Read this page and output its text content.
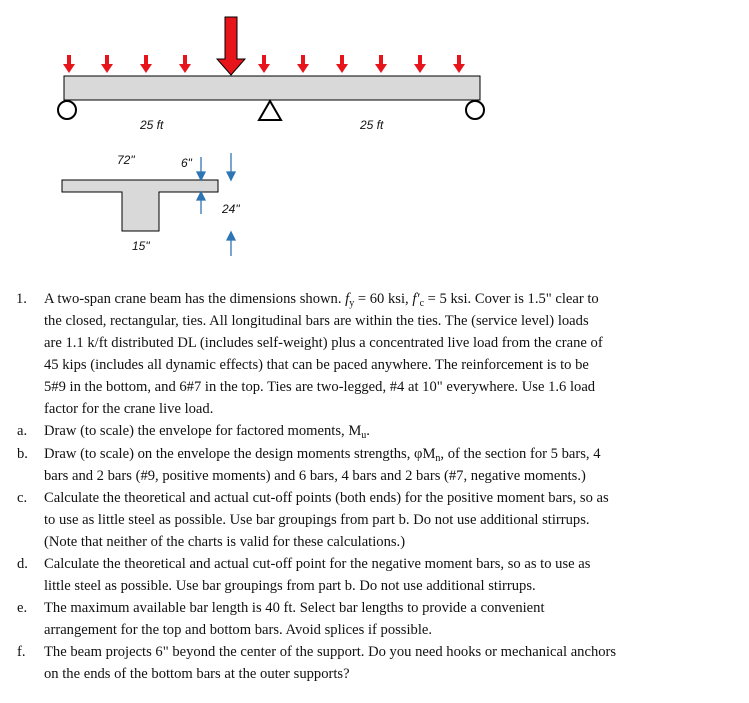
25 ft	25 ft
72"	6"
24"
15"
1. A two-span crane beam has the dimensions shown. $f_y = 60$ ksi, $f'_c = 5$ ksi. Cover is 1.5" clear to
the closed, rectangular, ties. All longitudinal bars are within the ties. The (service level) loads
are 1.1 k/ft distributed DL (includes self-weight) plus a concentrated live load from the crane of
45 kips (includes all dynamic effects) that can be paced anywhere. The reinforcement is to be
5#9 in the bottom, and 6#7 in the top. Ties are two-legged, #4 at 10" everywhere. Use 1.6 load
factor for the crane live load.
a. Draw (to scale) the envelope for factored moments, $M_u$.
b. Draw (to scale) on the envelope the design moments strengths, $\varphi M_n$, of the section for 5 bars, 4
bars and 2 bars (#9, positive moments) and 6 bars, 4 bars and 2 bars (#7, negative moments.)
c. Calculate the theoretical and actual cut-off points (both ends) for the positive moment bars, so as
to use as little steel as possible. Use bar groupings from part b. Do not use additional stirrups.
(Note that neither of the charts is valid for these calculations.)
d. Calculate the theoretical and actual cut-off point for the negative moment bars, so as to use as
little steel as possible. Use bar groupings from part b. Do not use additional stirrups.
e. The maximum available bar length is 40 ft. Select bar lengths to provide a convenient
arrangement for the top and bottom bars. Avoid splices if possible.
f. The beam projects 6" beyond the center of the support. Do you need hooks or mechanical anchors
on the ends of the bottom bars at the outer supports?
